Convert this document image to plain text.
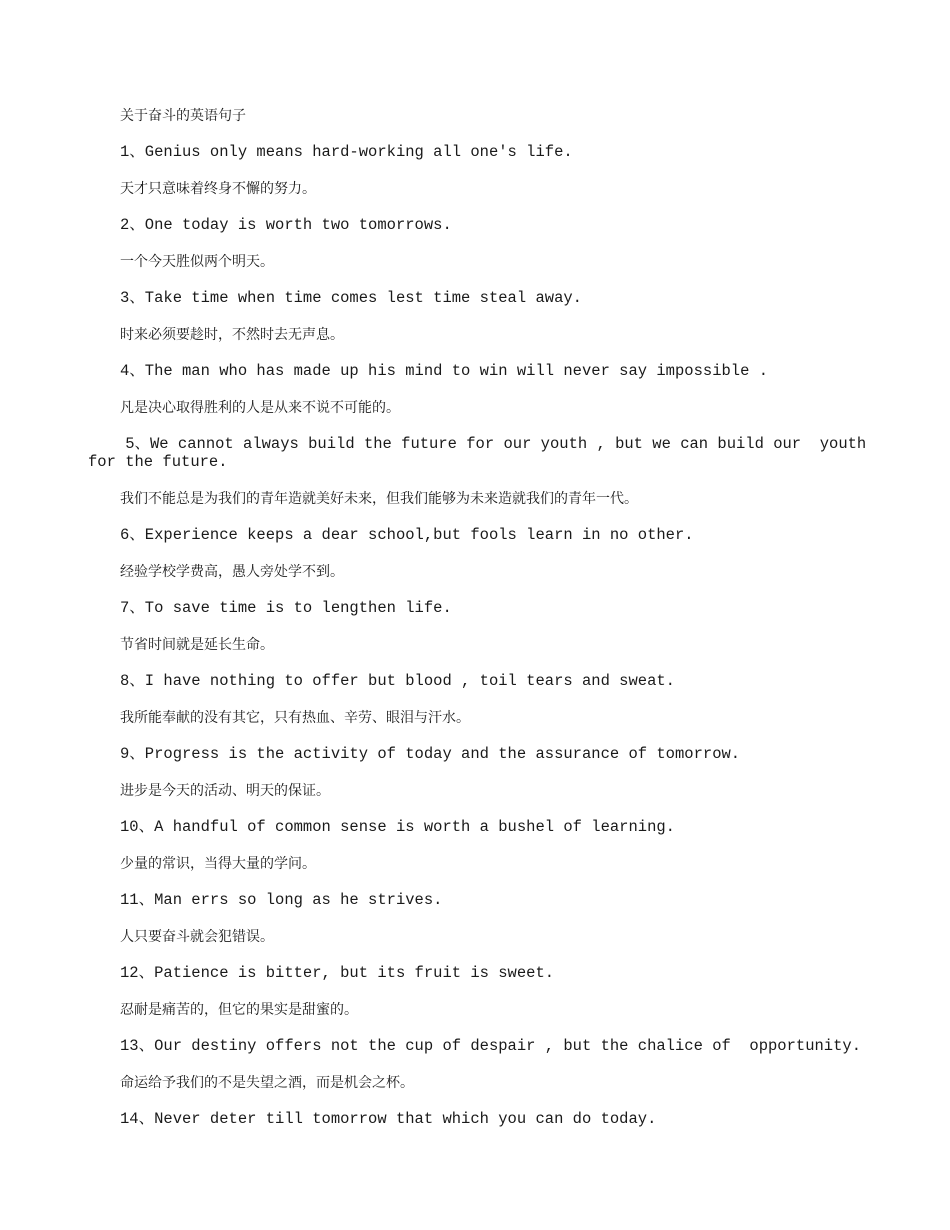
关于奋斗的英语句子

1、Genius only means hard-working all one's life.

天才只意味着终身不懈的努力。

2、One today is worth two tomorrows.

一个今天胜似两个明天。

3、Take time when time comes lest time steal away.

时来必须要趁时，不然时去无声息。

4、The man who has made up his mind to win will never say impossible .

凡是决心取得胜利的人是从来不说不可能的。

5、We cannot always build the future for our youth , but we can build our  youth

for the future.

我们不能总是为我们的青年造就美好未来，但我们能够为未来造就我们的青年一代。

6、Experience keeps a dear school,but fools learn in no other.

经验学校学费高，愚人旁处学不到。

7、To save time is to lengthen life.

节省时间就是延长生命。

8、I have nothing to offer but blood , toil tears and sweat.

我所能奉献的没有其它，只有热血、辛劳、眼泪与汗水。

9、Progress is the activity of today and the assurance of tomorrow.

进步是今天的活动、明天的保证。

10、A handful of common sense is worth a bushel of learning.

少量的常识，当得大量的学问。

11、Man errs so long as he strives.

人只要奋斗就会犯错误。

12、Patience is bitter, but its fruit is sweet.

忍耐是痛苦的，但它的果实是甜蜜的。

13、Our destiny offers not the cup of despair , but the chalice of  opportunity.

命运给予我们的不是失望之酒，而是机会之杯。

14、Never deter till tomorrow that which you can do today.
